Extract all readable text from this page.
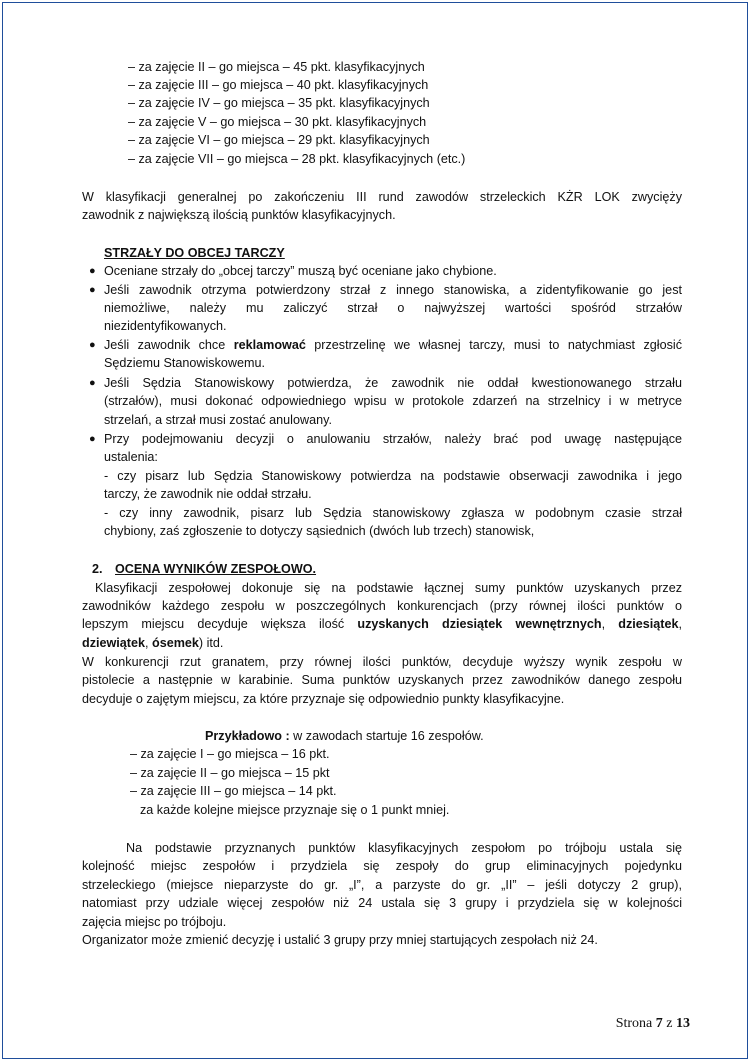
– za zajęcie II – go miejsca – 45 pkt. klasyfikacyjnych
– za zajęcie III – go miejsca – 40 pkt. klasyfikacyjnych
– za zajęcie IV – go miejsca – 35 pkt. klasyfikacyjnych
– za zajęcie V – go miejsca – 30 pkt. klasyfikacyjnych
– za zajęcie VI – go miejsca – 29 pkt. klasyfikacyjnych
– za zajęcie VII – go miejsca – 28 pkt. klasyfikacyjnych (etc.)
W klasyfikacji generalnej po zakończeniu III rund zawodów strzeleckich KŻR LOK zwycięży
zawodnik z największą ilością punktów klasyfikacyjnych.
STRZAŁY DO OBCEJ TARCZY
● Oceniane strzały do „obcej tarczy” muszą być oceniane jako chybione.
● Jeśli zawodnik otrzyma potwierdzony strzał z innego stanowiska, a zidentyfikowanie go jest
niemożliwe, należy mu zaliczyć strzał o najwyższej wartości spośród strzałów
niezidentyfikowanych.
● Jeśli zawodnik chce reklamować przestrzelinę we własnej tarczy, musi to natychmiast zgłosić
Sędziemu Stanowiskowemu.
● Jeśli Sędzia Stanowiskowy potwierdza, że zawodnik nie oddał kwestionowanego strzału
(strzałów), musi dokonać odpowiedniego wpisu w protokole zdarzeń na strzelnicy i w metryce
strzelań, a strzał musi zostać anulowany.
● Przy podejmowaniu decyzji o anulowaniu strzałów, należy brać pod uwagę następujące
ustalenia:
- czy pisarz lub Sędzia Stanowiskowy potwierdza na podstawie obserwacji zawodnika i jego
tarczy, że zawodnik nie oddał strzału.
- czy inny zawodnik, pisarz lub Sędzia stanowiskowy zgłasza w podobnym czasie strzał
chybiony, zaś zgłoszenie to dotyczy sąsiednich (dwóch lub trzech) stanowisk,
2. OCENA WYNIKÓW ZESPOŁOWO.
Klasyfikacji zespołowej dokonuje się na podstawie łącznej sumy punktów uzyskanych przez
zawodników każdego zespołu w poszczególnych konkurencjach (przy równej ilości punktów o
lepszym miejscu decyduje większa ilość uzyskanych dziesiątek wewnętrznych, dziesiątek,
dziewiątek, ósemek) itd.
W konkurencji rzut granatem, przy równej ilości punktów, decyduje wyższy wynik zespołu w
pistolecie a następnie w karabinie. Suma punktów uzyskanych przez zawodników danego zespołu
decyduje o zajętym miejscu, za które przyznaje się odpowiednio punkty klasyfikacyjne.
Przykładowo : w zawodach startuje 16 zespołów.
– za zajęcie I – go miejsca – 16 pkt.
– za zajęcie II – go miejsca – 15 pkt
– za zajęcie III – go miejsca – 14 pkt.
za każde kolejne miejsce przyznaje się o 1 punkt mniej.
Na podstawie przyznanych punktów klasyfikacyjnych zespołom po trójboju ustala się
kolejność miejsc zespołów i przydziela się zespoły do grup eliminacyjnych pojedynku
strzeleckiego (miejsce nieparzyste do gr. „I”, a parzyste do gr. „II” – jeśli dotyczy 2 grup),
natomiast przy udziale więcej zespołów niż 24 ustala się 3 grupy i przydziela się w kolejności
zajęcia miejsc po trójboju.
Organizator może zmienić decyzję i ustalić 3 grupy przy mniej startujących zespołach niż 24.
Strona 7 z 13
